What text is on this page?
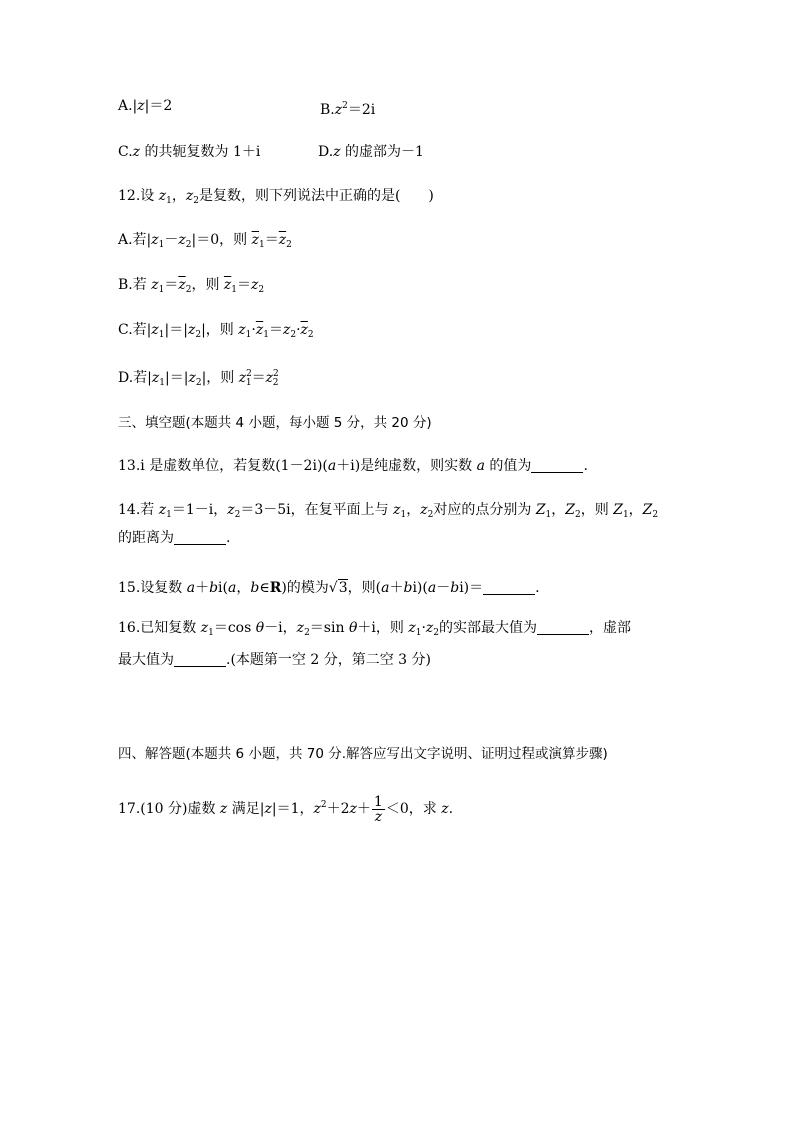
A.|z|＝2	$B.z^2=2i$
C.z 的共轭复数为 1＋i	D.z 的虚部为－1
12.设 $z_1$，$z_2$是复数，则下列说法中正确的是(　　)
A.若$|z_1-z_2|=0$，则 $\overline{z}_1=\overline{z}_2$
B.若 $z_1=\overline{z}_2$，则 $\overline{z}_1=z_2$
C.若$|z_1|=|z_2|$，则 $z_1\cdot\overline{z}_1=z_2\cdot\overline{z}_2$
D.若$|z_1|=|z_2|$，则 $z^2_1=z^2_2$
三、填空题(本题共 4 小题，每小题 5 分，共 20 分)
13.i 是虚数单位，若复数(1－2i)(a＋i)是纯虚数，则实数 a 的值为	.
14.若 $z_1=1-i$，$z_2=3-5i$，在复平面上与 $z_1$，$z_2$对应的点分别为 $Z_1$，$Z_2$，则 $Z_1$，$Z_2$
的距离为	.
15.设复数 a＋bi(a，b∈R)的模为√3，则(a＋bi)(a－bi)＝	.
16.已知复数 $z_1=\cos$ θ－i，$z_2=\sin$ θ＋i，则 $z_1\cdot z_2$的实部最大值为	，虚部
最大值为	.(本题第一空 2 分，第二空 3 分)
四、解答题(本题共 6 小题，共 70 分.解答应写出文字说明、证明过程或演算步骤)
17.(10 分)虚数 z 满足|z|＝1，$z^2+2z+ \frac{1}{z} <0$，求 z.
